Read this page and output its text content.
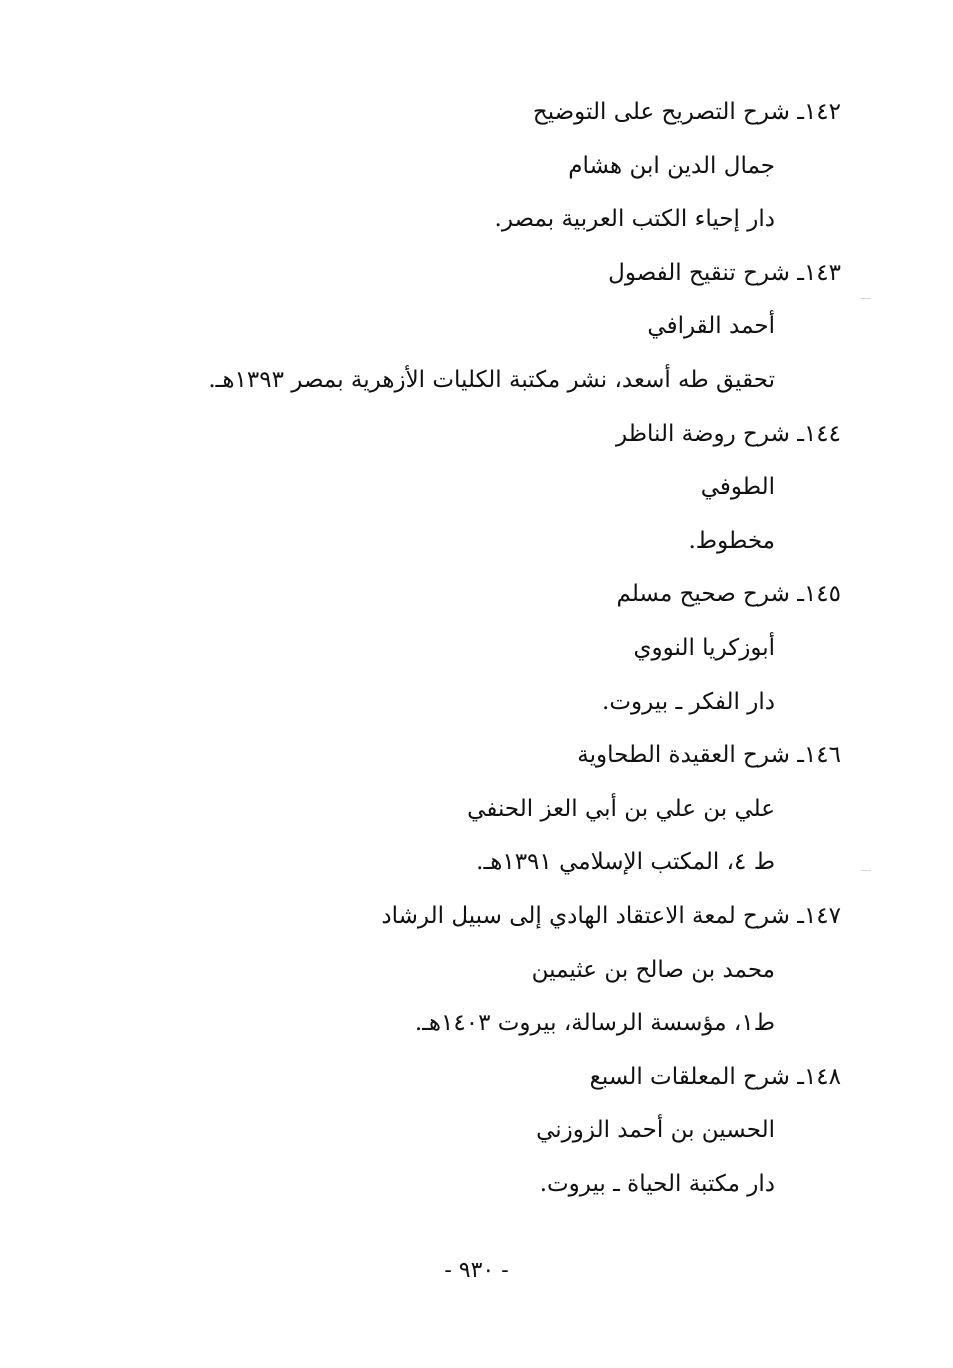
١٤٢ـ شرح التصريح على التوضيح
جمال الدين ابن هشام
دار إحياء الكتب العربية بمصر.
١٤٣ـ شرح تنقيح الفصول
أحمد القرافي
تحقيق طه أسعد، نشر مكتبة الكليات الأزهرية بمصر ١٣٩٣هـ.
١٤٤ـ شرح روضة الناظر
الطوفي
مخطوط.
١٤٥ـ شرح صحيح مسلم
أبوزكريا النووي
دار الفكر ـ بيروت.
١٤٦ـ شرح العقيدة الطحاوية
علي بن علي بن أبي العز الحنفي
ط ٤، المكتب الإسلامي ١٣٩١هـ.
١٤٧ـ شرح لمعة الاعتقاد الهادي إلى سبيل الرشاد
محمد بن صالح بن عثيمين
ط١، مؤسسة الرسالة، بيروت ١٤٠٣هـ.
١٤٨ـ شرح المعلقات السبع
الحسين بن أحمد الزوزني
دار مكتبة الحياة ـ بيروت.
- ٩٣٠ -
